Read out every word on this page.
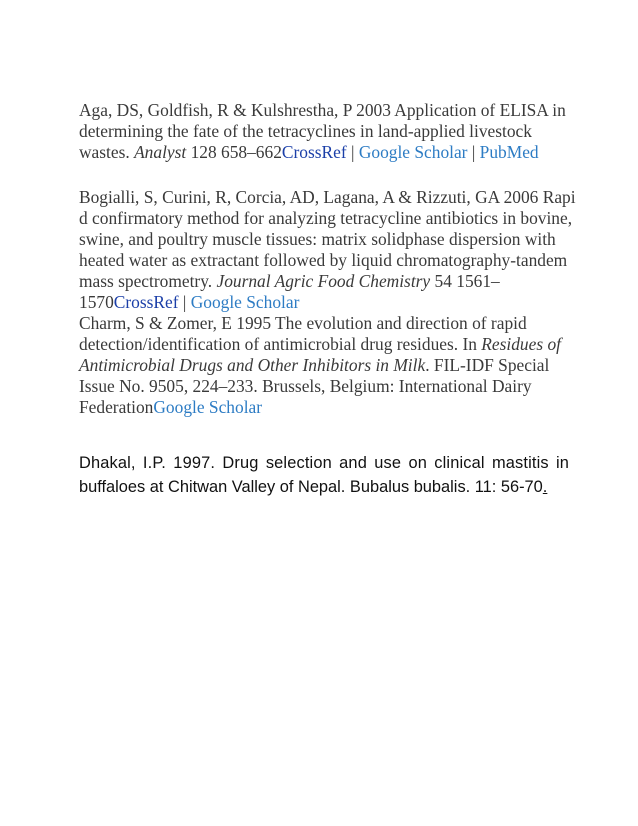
Aga, DS, Goldfish, R & Kulshrestha, P 2003 Application of ELISA in
determining the fate of the tetracyclines in land-applied livestock
wastes. Analyst 128 658–662CrossRef | Google Scholar | PubMed

Bogialli, S, Curini, R, Corcia, AD, Lagana, A & Rizzuti, GA 2006 Rapi
d confirmatory method for analyzing tetracycline antibiotics in bovine,
swine, and poultry muscle tissues: matrix solidphase dispersion with
heated water as extractant followed by liquid chromatography-tandem
mass spectrometry. Journal Agric Food Chemistry 54 1561–
1570CrossRef | Google Scholar

Charm, S & Zomer, E 1995 The evolution and direction of rapid
detection/identification of antimicrobial drug residues. In Residues of
Antimicrobial Drugs and Other Inhibitors in Milk. FIL-IDF Special
Issue No. 9505, 224–233. Brussels, Belgium: International Dairy
FederationGoogle Scholar

Dhakal, I.P. 1997. Drug selection and use on clinical mastitis in
buffaloes at Chitwan Valley of Nepal. Bubalus bubalis. 11: 56-70.
